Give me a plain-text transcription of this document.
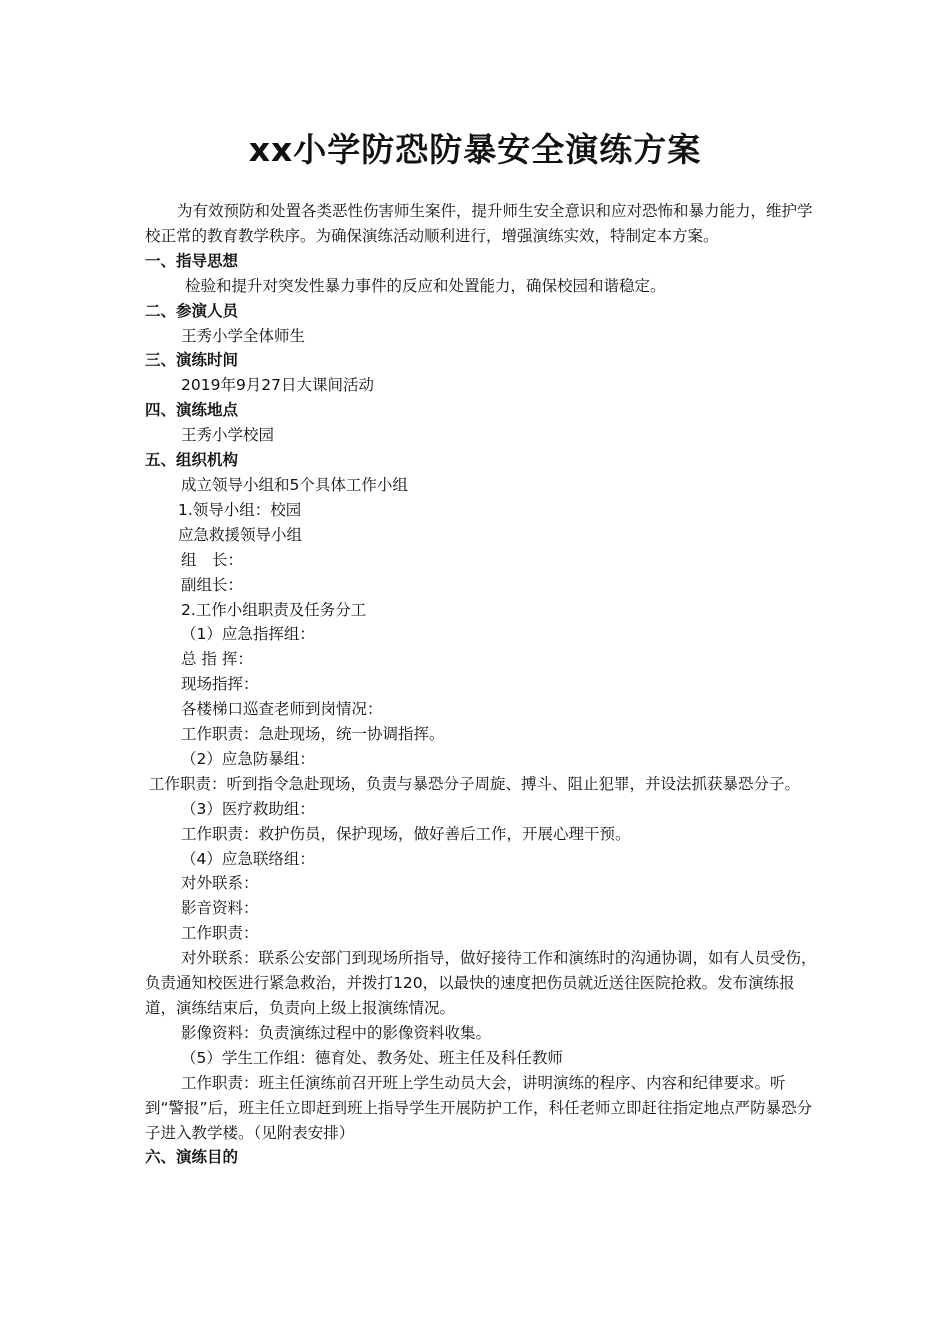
xx小学防恐防暴安全演练方案

为有效预防和处置各类恶性伤害师生案件，提升师生安全意识和应对恐怖和暴力能力，维护学校正常的教育教学秩序。为确保演练活动顺利进行，增强演练实效，特制定本方案。

一、指导思想

检验和提升对突发性暴力事件的反应和处置能力，确保校园和谐稳定。

二、参演人员

王秀小学全体师生

三、演练时间

2019年9月27日大课间活动

四、演练地点

王秀小学校园

五、组织机构

成立领导小组和5个具体工作小组

1.领导小组：校园

应急救援领导小组

组　长：

副组长：

2.工作小组职责及任务分工

（1）应急指挥组：

总 指 挥：

现场指挥：

各楼梯口巡查老师到岗情况：

工作职责：急赴现场，统一协调指挥。

（2）应急防暴组：

工作职责：听到指令急赴现场，负责与暴恐分子周旋、搏斗、阻止犯罪，并设法抓获暴恐分子。

（3）医疗救助组：

工作职责：救护伤员，保护现场，做好善后工作，开展心理干预。

（4）应急联络组：

对外联系：

影音资料：

工作职责：

对外联系：联系公安部门到现场所指导，做好接待工作和演练时的沟通协调，如有人员受伤，负责通知校医进行紧急救治，并拨打120，以最快的速度把伤员就近送往医院抢救。发布演练报道，演练结束后，负责向上级上报演练情况。

影像资料：负责演练过程中的影像资料收集。

（5）学生工作组：德育处、教务处、班主任及科任教师

工作职责：班主任演练前召开班上学生动员大会，讲明演练的程序、内容和纪律要求。听到“警报”后，班主任立即赶到班上指导学生开展防护工作，科任老师立即赶往指定地点严防暴恐分子进入教学楼。（见附表安排）

六、演练目的
